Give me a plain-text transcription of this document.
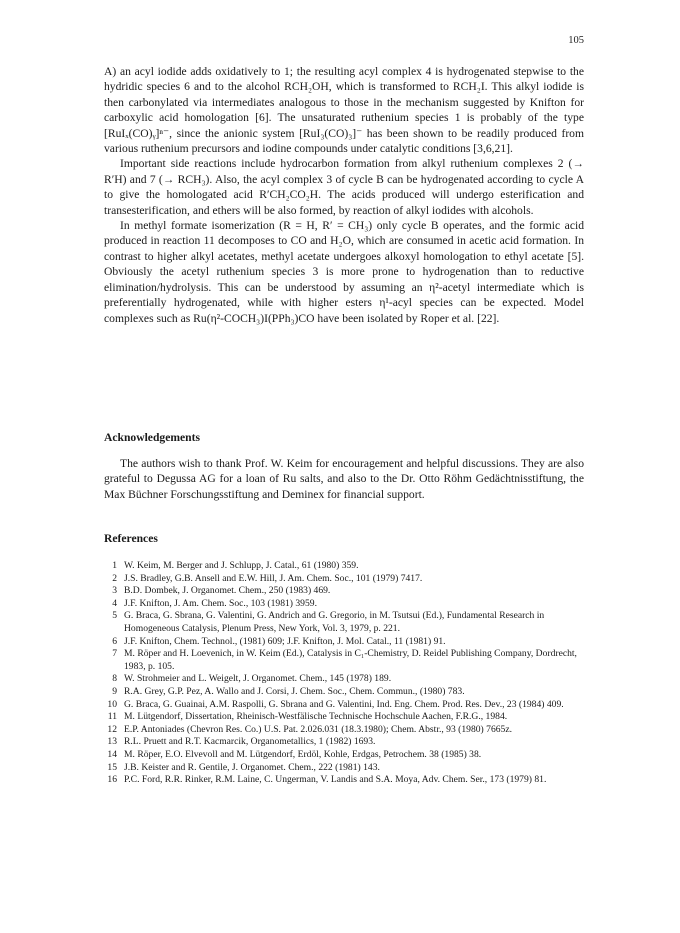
105

A) an acyl iodide adds oxidatively to 1; the resulting acyl complex 4 is hydrogenated stepwise to the hydridic species 6 and to the alcohol RCH₂OH, which is transformed to RCH₂I. This alkyl iodide is then carbonylated via intermediates analogous to those in the mechanism suggested by Knifton for carboxylic acid homologation [6]. The unsaturated ruthenium species 1 is probably of the type [RuIₓ(CO)ᵧ]ⁿ⁻, since the anionic system [RuI₃(CO)₃]⁻ has been shown to be readily produced from various ruthenium precursors and iodine compounds under catalytic conditions [3,6,21].

Important side reactions include hydrocarbon formation from alkyl ruthenium complexes 2 (→ R′H) and 7 (→ RCH₃). Also, the acyl complex 3 of cycle B can be hydrogenated according to cycle A to give the homologated acid R′CH₂CO₂H. The acids produced will undergo esterification and transesterification, and ethers will be also formed, by reaction of alkyl iodides with alcohols.

In methyl formate isomerization (R = H, R′ = CH₃) only cycle B operates, and the formic acid produced in reaction 11 decomposes to CO and H₂O, which are consumed in acetic acid formation. In contrast to higher alkyl acetates, methyl acetate undergoes alkoxyl homologation to ethyl acetate [5]. Obviously the acetyl ruthenium species 3 is more prone to hydrogenation than to reductive elimination/hydrolysis. This can be understood by assuming an η²-acetyl intermediate which is preferentially hydrogenated, while with higher esters η¹-acyl species can be expected. Model complexes such as Ru(η²-COCH₃)I(PPh₃)CO have been isolated by Roper et al. [22].

Acknowledgements

The authors wish to thank Prof. W. Keim for encouragement and helpful discussions. They are also grateful to Degussa AG for a loan of Ru salts, and also to the Dr. Otto Röhm Gedächtnisstiftung, the Max Büchner Forschungsstiftung and Deminex for financial support.

References
1 W. Keim, M. Berger and J. Schlupp, J. Catal., 61 (1980) 359.
2 J.S. Bradley, G.B. Ansell and E.W. Hill, J. Am. Chem. Soc., 101 (1979) 7417.
3 B.D. Dombek, J. Organomet. Chem., 250 (1983) 469.
4 J.F. Knifton, J. Am. Chem. Soc., 103 (1981) 3959.
5 G. Braca, G. Sbrana, G. Valentini, G. Andrich and G. Gregorio, in M. Tsutsui (Ed.), Fundamental Research in Homogeneous Catalysis, Plenum Press, New York, Vol. 3, 1979, p. 221.
6 J.F. Knifton, Chem. Technol., (1981) 609; J.F. Knifton, J. Mol. Catal., 11 (1981) 91.
7 M. Röper and H. Loevenich, in W. Keim (Ed.), Catalysis in C₁-Chemistry, D. Reidel Publishing Company, Dordrecht, 1983, p. 105.
8 W. Strohmeier and L. Weigelt, J. Organomet. Chem., 145 (1978) 189.
9 R.A. Grey, G.P. Pez, A. Wallo and J. Corsi, J. Chem. Soc., Chem. Commun., (1980) 783.
10 G. Braca, G. Guainai, A.M. Raspolli, G. Sbrana and G. Valentini, Ind. Eng. Chem. Prod. Res. Dev., 23 (1984) 409.
11 M. Lütgendorf, Dissertation, Rheinisch-Westfälische Technische Hochschule Aachen, F.R.G., 1984.
12 E.P. Antoniades (Chevron Res. Co.) U.S. Pat. 2.026.031 (18.3.1980); Chem. Abstr., 93 (1980) 7665z.
13 R.L. Pruett and R.T. Kacmarcik, Organometallics, 1 (1982) 1693.
14 M. Röper, E.O. Elvevoll and M. Lütgendorf, Erdöl, Kohle, Erdgas, Petrochem. 38 (1985) 38.
15 J.B. Keister and R. Gentile, J. Organomet. Chem., 222 (1981) 143.
16 P.C. Ford, R.R. Rinker, R.M. Laine, C. Ungerman, V. Landis and S.A. Moya, Adv. Chem. Ser., 173 (1979) 81.
